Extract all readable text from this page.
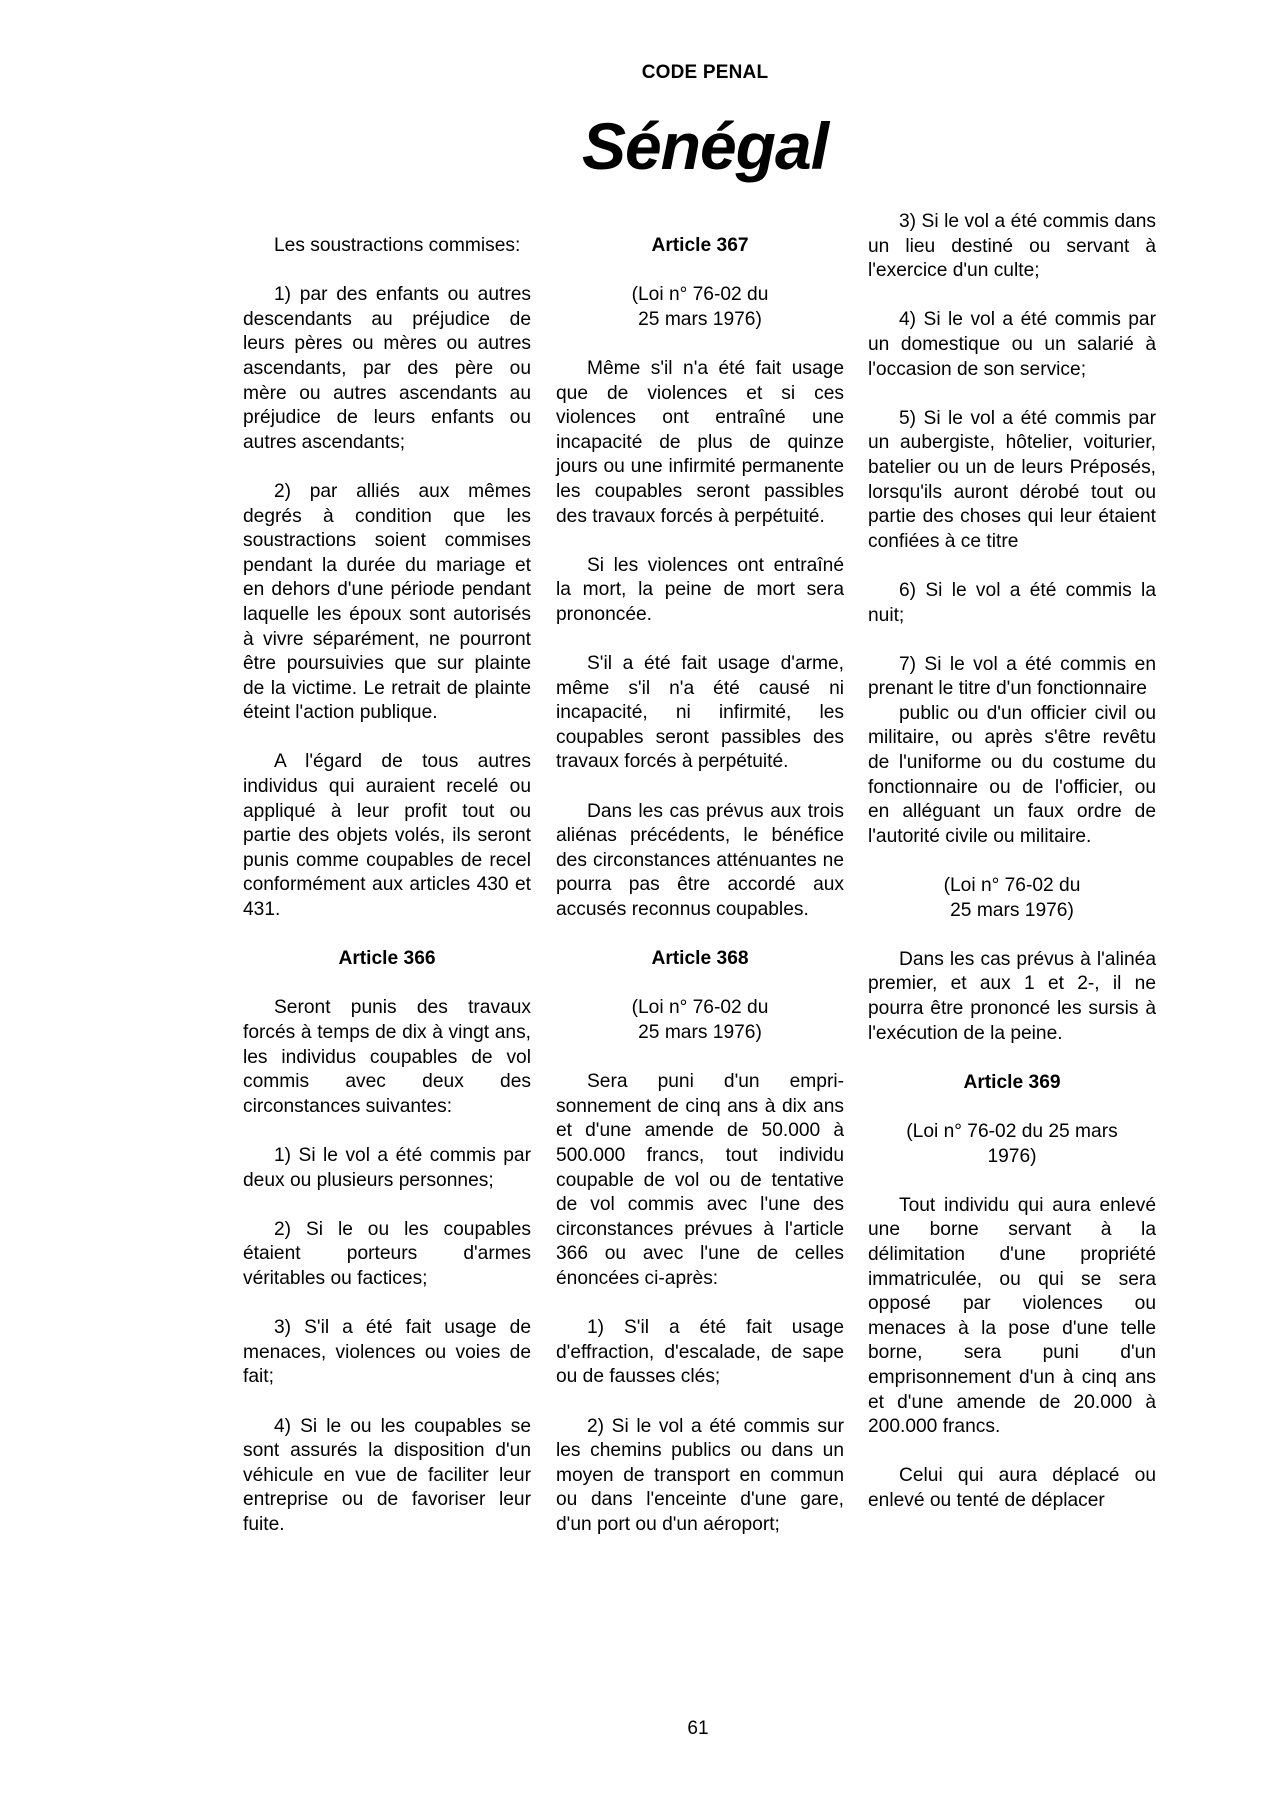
CODE PENAL
Sénégal

Les soustractions commises:

1) par des enfants ou autres descendants au préjudice de leurs pères ou mères ou autres ascendants, par des père ou mère ou autres ascendants au préjudice de leurs enfants ou autres ascendants;

2) par alliés aux mêmes degrés à condition que les soustractions soient commises pendant la durée du mariage et en dehors d'une période pendant laquelle les époux sont autorisés à vivre séparément, ne pourront être poursuivies que sur plainte de la victime. Le retrait de plainte éteint l'action publique.

A l'égard de tous autres individus qui auraient recelé ou appliqué à leur profit tout ou partie des objets volés, ils seront punis comme coupables de recel conformément aux articles 430 et 431.

Article 366

Seront punis des travaux forcés à temps de dix à vingt ans, les individus coupables de vol commis avec deux des circonstances suivantes:

1) Si le vol a été commis par deux ou plusieurs personnes;

2) Si le ou les coupables étaient porteurs d'armes véritables ou factices;

3) S'il a été fait usage de menaces, violences ou voies de fait;

4) Si le ou les coupables se sont assurés la disposition d'un véhicule en vue de faciliter leur entreprise ou de favoriser leur fuite.

Article 367
(Loi n° 76-02 du
25 mars 1976)

Même s'il n'a été fait usage que de violences et si ces violences ont entraîné une incapacité de plus de quinze jours ou une infirmité permanente les coupables seront passibles des travaux forcés à perpétuité.

Si les violences ont entraîné la mort, la peine de mort sera prononcée.

S'il a été fait usage d'arme, même s'il n'a été causé ni incapacité, ni infirmité, les coupables seront passibles des travaux forcés à perpétuité.

Dans les cas prévus aux trois aliénas précédents, le bénéfice des circonstances atténuantes ne pourra pas être accordé aux accusés reconnus coupables.

Article 368
(Loi n° 76-02 du
25 mars 1976)

Sera puni d'un empri-sonnement de cinq ans à dix ans et d'une amende de 50.000 à 500.000 francs, tout individu coupable de vol ou de tentative de vol commis avec l'une des circonstances prévues à l'article 366 ou avec l'une de celles énoncées ci-après:

1) S'il a été fait usage d'effraction, d'escalade, de sape ou de fausses clés;

2) Si le vol a été commis sur les chemins publics ou dans un moyen de transport en commun ou dans l'enceinte d'une gare, d'un port ou d'un aéroport;

3) Si le vol a été commis dans un lieu destiné ou servant à l'exercice d'un culte;

4) Si le vol a été commis par un domestique ou un salarié à l'occasion de son service;

5) Si le vol a été commis par un aubergiste, hôtelier, voiturier, batelier ou un de leurs Préposés, lorsqu'ils auront dérobé tout ou partie des choses qui leur étaient confiées à ce titre

6) Si le vol a été commis la nuit;

7) Si le vol a été commis en prenant le titre d'un fonctionnaire

public ou d'un officier civil ou militaire, ou après s'être revêtu de l'uniforme ou du costume du fonctionnaire ou de l'officier, ou en alléguant un faux ordre de l'autorité civile ou militaire.

(Loi n° 76-02 du
25 mars 1976)

Dans les cas prévus à l'alinéa premier, et aux 1 et 2-, il ne pourra être prononcé les sursis à l'exécution de la peine.

Article 369
(Loi n° 76-02 du 25 mars
1976)

Tout individu qui aura enlevé une borne servant à la délimitation d'une propriété immatriculée, ou qui se sera opposé par violences ou menaces à la pose d'une telle borne, sera puni d'un emprisonnement d'un à cinq ans et d'une amende de 20.000 à 200.000 francs.

Celui qui aura déplacé ou enlevé ou tenté de déplacer

61
